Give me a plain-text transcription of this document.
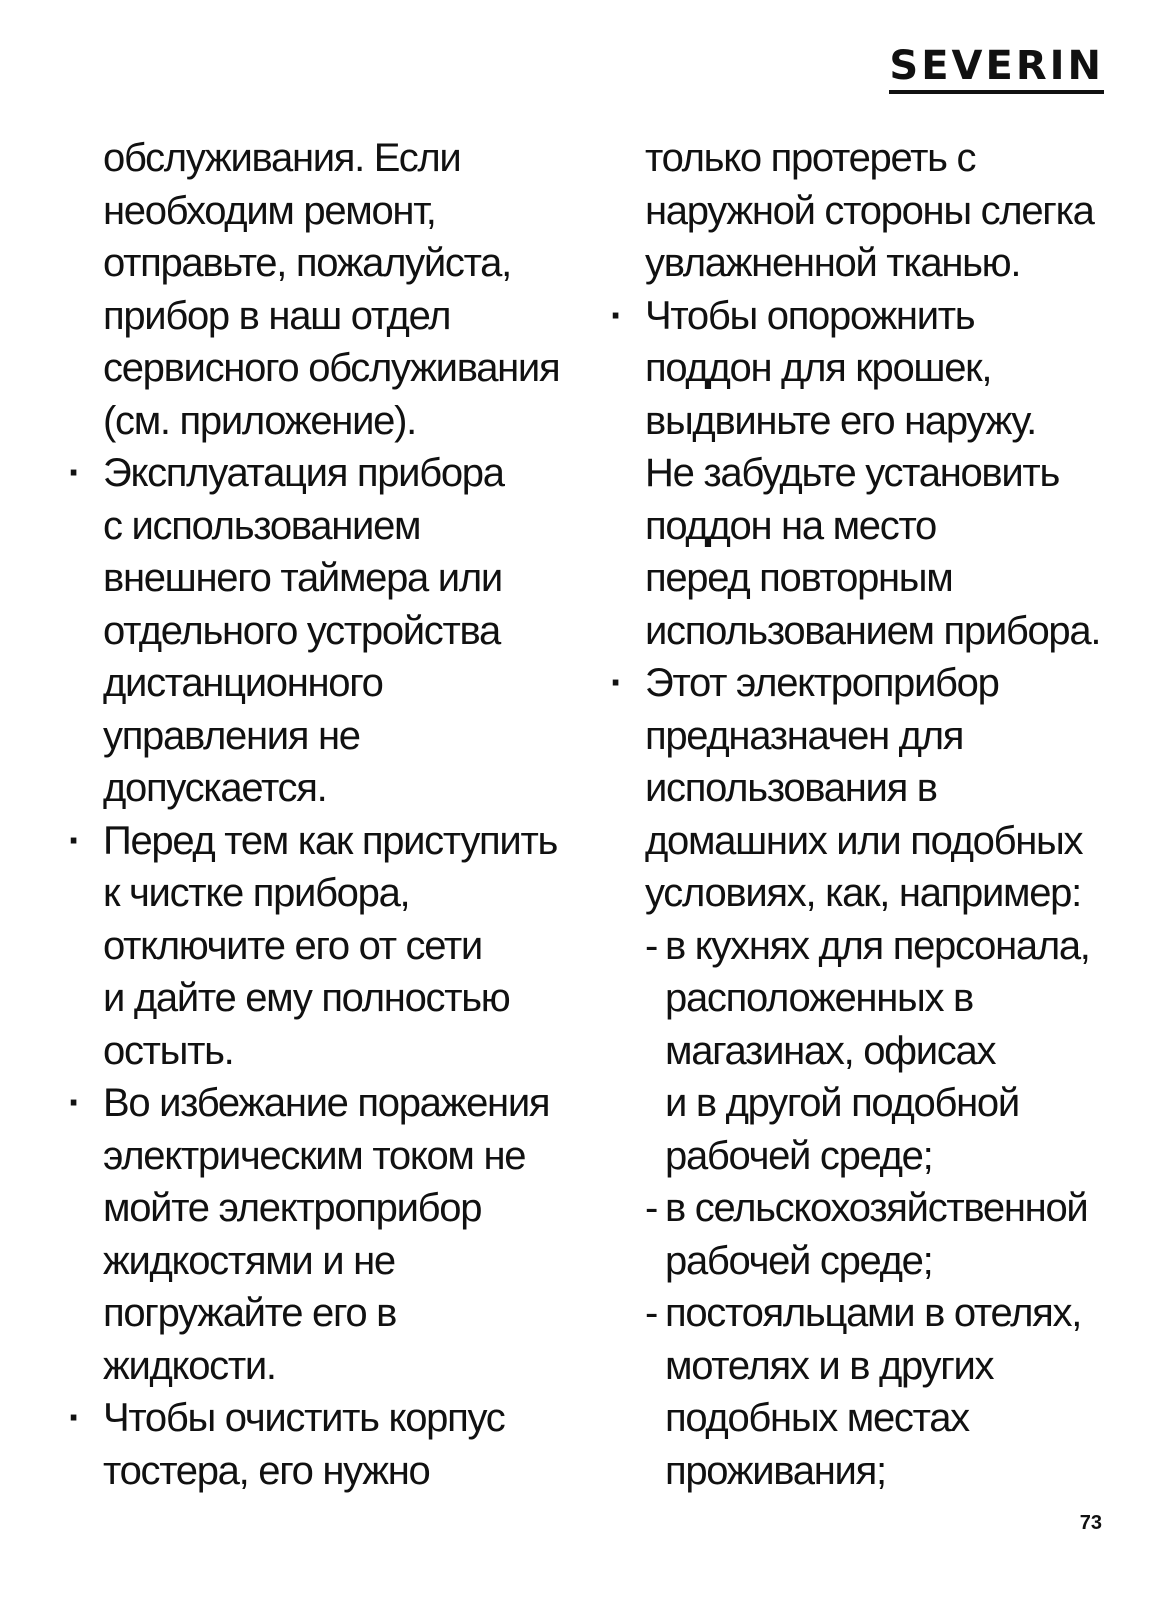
SEVERIN
обслуживания. Если
необходим ремонт,
отправьте, пожалуйста,
прибор в наш отдел
сервисного обслуживания
(см. приложение).
· Эксплуатация прибора
с использованием
внешнего таймера или
отдельного устройства
дистанционного
управления не
допускается.
· Перед тем как приступить
к чистке прибора,
отключите его от сети
и дайте ему полностью
остыть.
· Во избежание поражения
электрическим током не
мойте электроприбор
жидкостями и не
погружайте его в
жидкости.
· Чтобы очистить корпус
тостера, его нужно
только протереть с
наружной стороны слегка
увлажненной тканью.
· Чтобы опорожнить
поддон для крошек,
выдвиньте его наружу.
Не забудьте установить
поддон на место
перед повторным
использованием прибора.
· Этот электроприбор
предназначен для
использования в
домашних или подобных
условиях, как, например:
- в кухнях для персонала,
расположенных в
магазинах, офисах
и в другой подобной
рабочей среде;
- в сельскохозяйственной
рабочей среде;
- постояльцами в отелях,
мотелях и в других
подобных местах
проживания;
73
